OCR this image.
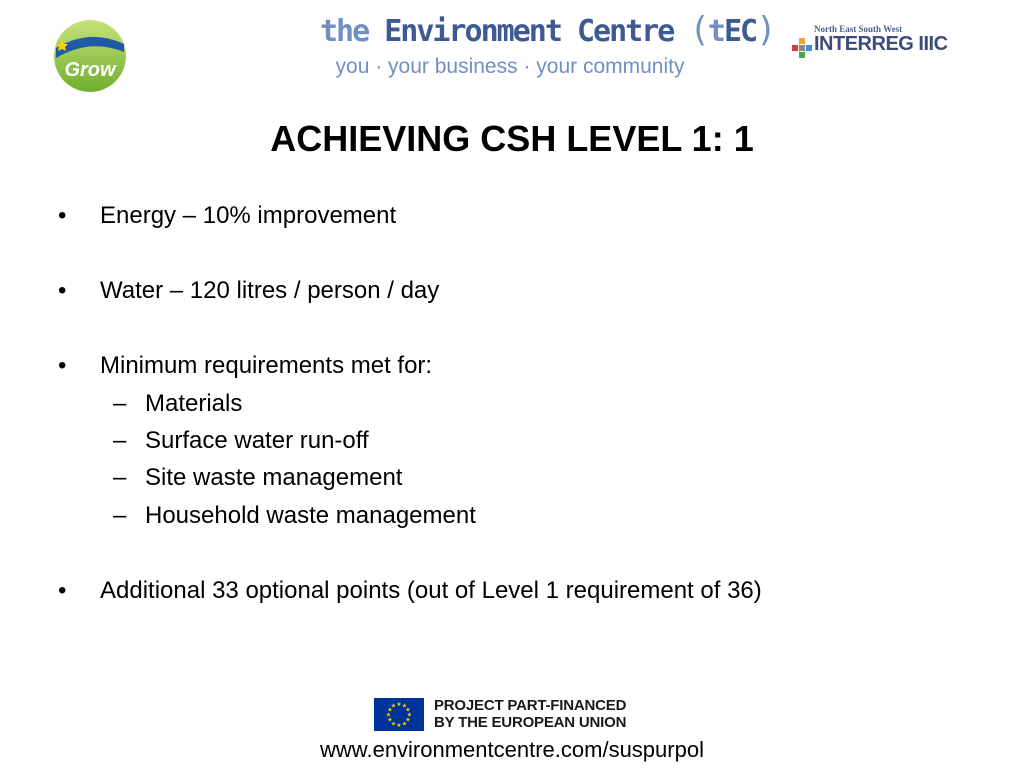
Grow
the Environment Centre (tEC)
you · your business · your community
North East South West
INTERREG IIIC
ACHIEVING CSH LEVEL 1: 1
• Energy – 10% improvement
• Water – 120 litres / person / day
• Minimum requirements met for:
– Materials
– Surface water run-off
– Site waste management
– Household waste management
• Additional 33 optional points (out of Level 1 requirement of 36)
★ ★
★
★
★
★
★
★
★
★
★
★	PROJECT PART-FINANCED
BY THE EUROPEAN UNION
www.environmentcentre.com/suspurpol
